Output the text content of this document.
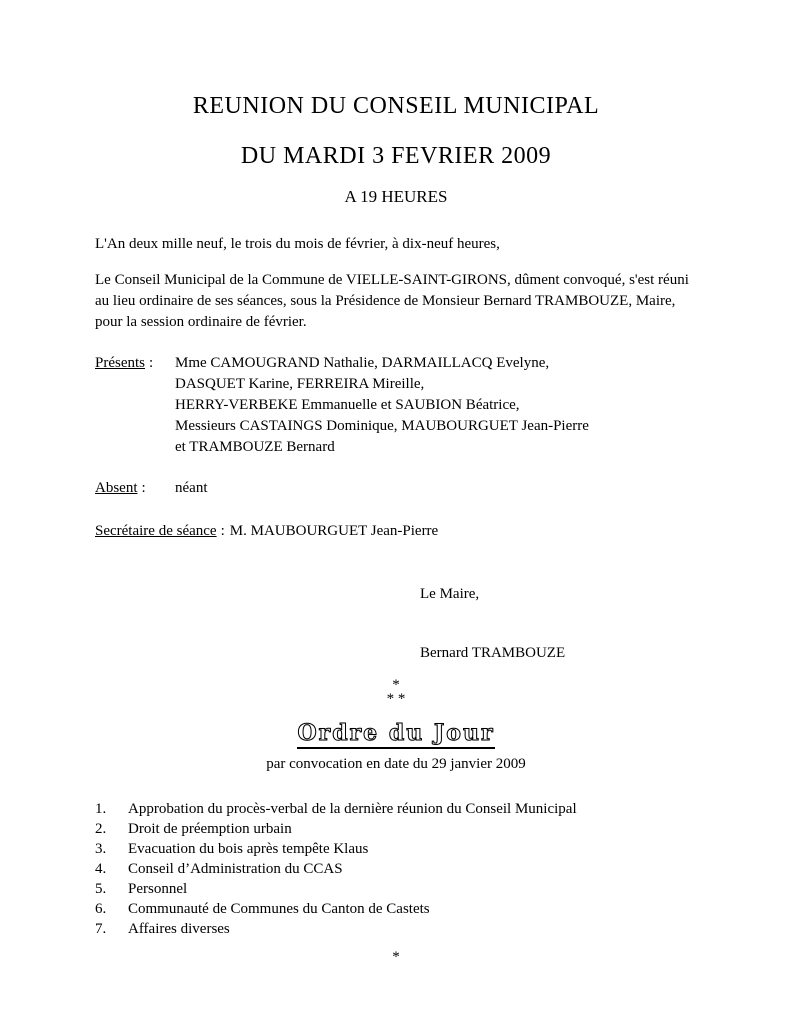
REUNION DU CONSEIL MUNICIPAL
DU MARDI 3 FEVRIER 2009
A 19 HEURES

L'An deux mille neuf, le trois du mois de février, à dix-neuf heures,

Le Conseil Municipal de la Commune de VIELLE-SAINT-GIRONS, dûment convoqué, s'est réuni au lieu ordinaire de ses séances, sous la Présidence de Monsieur Bernard TRAMBOUZE, Maire, pour la session ordinaire de février.

Présents :	Mme CAMOUGRAND Nathalie, DARMAILLACQ Evelyne,
DASQUET Karine, FERREIRA Mireille,
HERRY-VERBEKE Emmanuelle et SAUBION Béatrice,
Messieurs CASTAINGS Dominique, MAUBOURGUET Jean-Pierre
et TRAMBOUZE Bernard
Absent :	néant

Secrétaire de séance : M. MAUBOURGUET Jean-Pierre

Le Maire,
Bernard TRAMBOUZE
*
* *
Ordre du Jour
par convocation en date du 29 janvier 2009
1.	Approbation du procès-verbal de la dernière réunion du Conseil Municipal
2.	Droit de préemption urbain
3.	Evacuation du bois après tempête Klaus
4.	Conseil d’Administration du CCAS
5.	Personnel
6.	Communauté de Communes du Canton de Castets
7.	Affaires diverses
*
